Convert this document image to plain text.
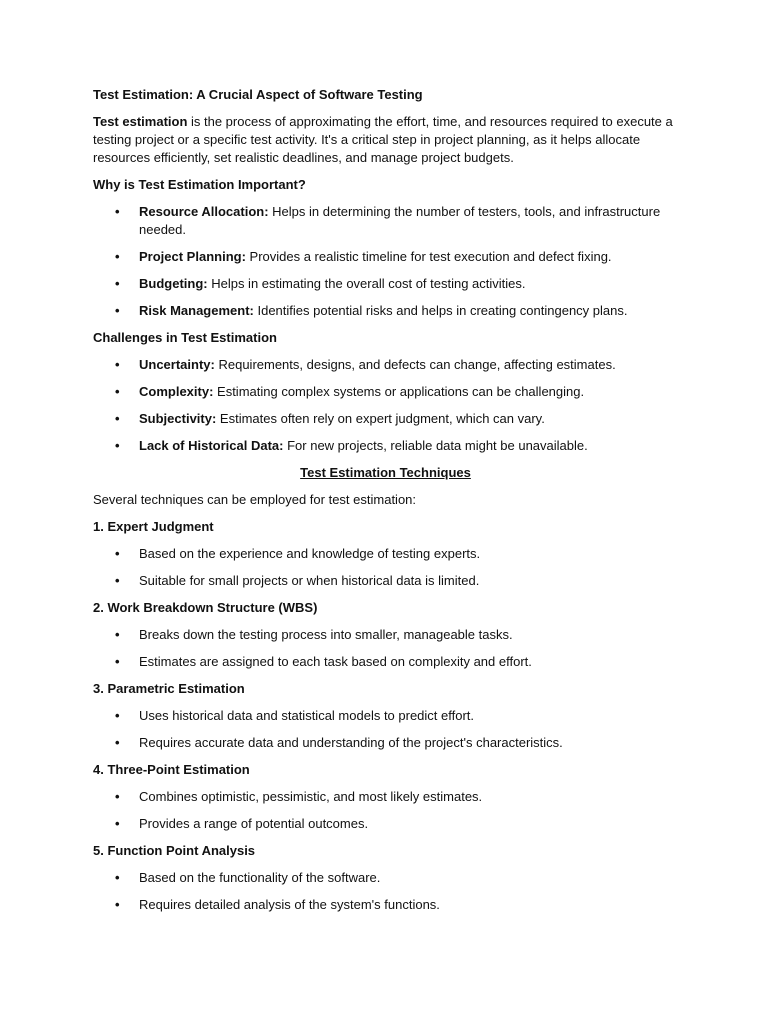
Test Estimation: A Crucial Aspect of Software Testing

Test estimation is the process of approximating the effort, time, and resources required to execute a testing project or a specific test activity. It's a critical step in project planning, as it helps allocate resources efficiently, set realistic deadlines, and manage project budgets.

Why is Test Estimation Important?
• Resource Allocation: Helps in determining the number of testers, tools, and infrastructure needed.
• Project Planning: Provides a realistic timeline for test execution and defect fixing.
• Budgeting: Helps in estimating the overall cost of testing activities.
• Risk Management: Identifies potential risks and helps in creating contingency plans.
Challenges in Test Estimation
• Uncertainty: Requirements, designs, and defects can change, affecting estimates.
• Complexity: Estimating complex systems or applications can be challenging.
• Subjectivity: Estimates often rely on expert judgment, which can vary.
• Lack of Historical Data: For new projects, reliable data might be unavailable.
Test Estimation Techniques

Several techniques can be employed for test estimation:

1. Expert Judgment
• Based on the experience and knowledge of testing experts.
• Suitable for small projects or when historical data is limited.
2. Work Breakdown Structure (WBS)
• Breaks down the testing process into smaller, manageable tasks.
• Estimates are assigned to each task based on complexity and effort.
3. Parametric Estimation
• Uses historical data and statistical models to predict effort.
• Requires accurate data and understanding of the project's characteristics.
4. Three-Point Estimation
• Combines optimistic, pessimistic, and most likely estimates.
• Provides a range of potential outcomes.
5. Function Point Analysis
• Based on the functionality of the software.
• Requires detailed analysis of the system's functions.
